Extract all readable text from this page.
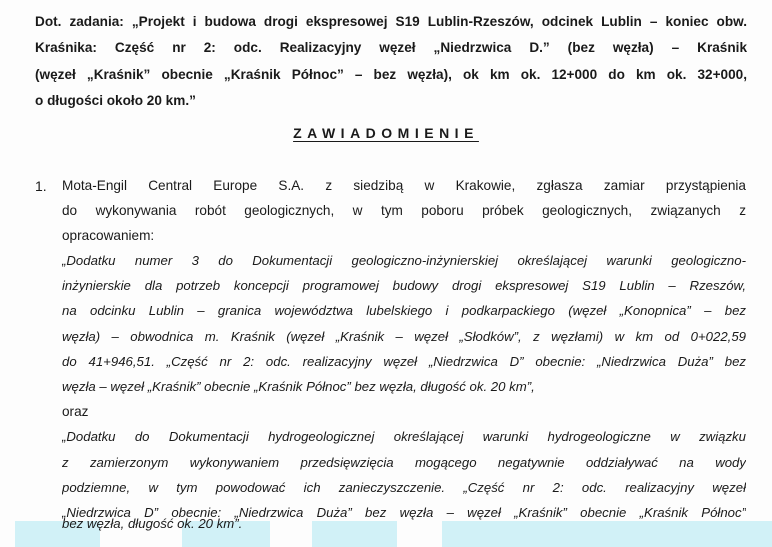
Dot. zadania: „Projekt i budowa drogi ekspresowej S19 Lublin-Rzeszów, odcinek Lublin – koniec obw.
Kraśnika: Część nr 2: odc. Realizacyjny węzeł „Niedrzwica D.” (bez węzła) – Kraśnik
(węzeł „Kraśnik” obecnie „Kraśnik Północ” – bez węzła), ok km ok. 12+000 do km ok. 32+000,
o długości około 20 km.”
ZAWIADOMIENIE
1. Mota-Engil Central Europe S.A. z siedzibą w Krakowie, zgłasza zamiar przystąpienia
do wykonywania robót geologicznych, w tym poboru próbek geologicznych, związanych z
opracowaniem:
„Dodatku numer 3 do Dokumentacji geologiczno-inżynierskiej określającej warunki geologiczno-
inżynierskie dla potrzeb koncepcji programowej budowy drogi ekspresowej S19 Lublin – Rzeszów,
na odcinku Lublin – granica województwa lubelskiego i podkarpackiego (węzeł „Konopnica” – bez
węzła) – obwodnica m. Kraśnik (węzeł „Kraśnik – węzeł „Słodków”, z węzłami) w km od 0+022,59
do 41+946,51. „Część nr 2: odc. realizacyjny węzeł „Niedrzwica D” obecnie: „Niedrzwica Duża” bez
węzła – węzeł „Kraśnik” obecnie „Kraśnik Północ” bez węzła, długość ok. 20 km”,
oraz
„Dodatku do Dokumentacji hydrogeologicznej określającej warunki hydrogeologiczne w związku
z zamierzonym wykonywaniem przedsięwzięcia mogącego negatywnie oddziaływać na wody
podziemne, w tym powodować ich zanieczyszczenie. „Część nr 2: odc. realizacyjny węzeł
„Niedrzwica D” obecnie: „Niedrzwica Duża” bez węzła – węzeł „Kraśnik” obecnie „Kraśnik Północ”
bez węzła, długość ok. 20 km”.
